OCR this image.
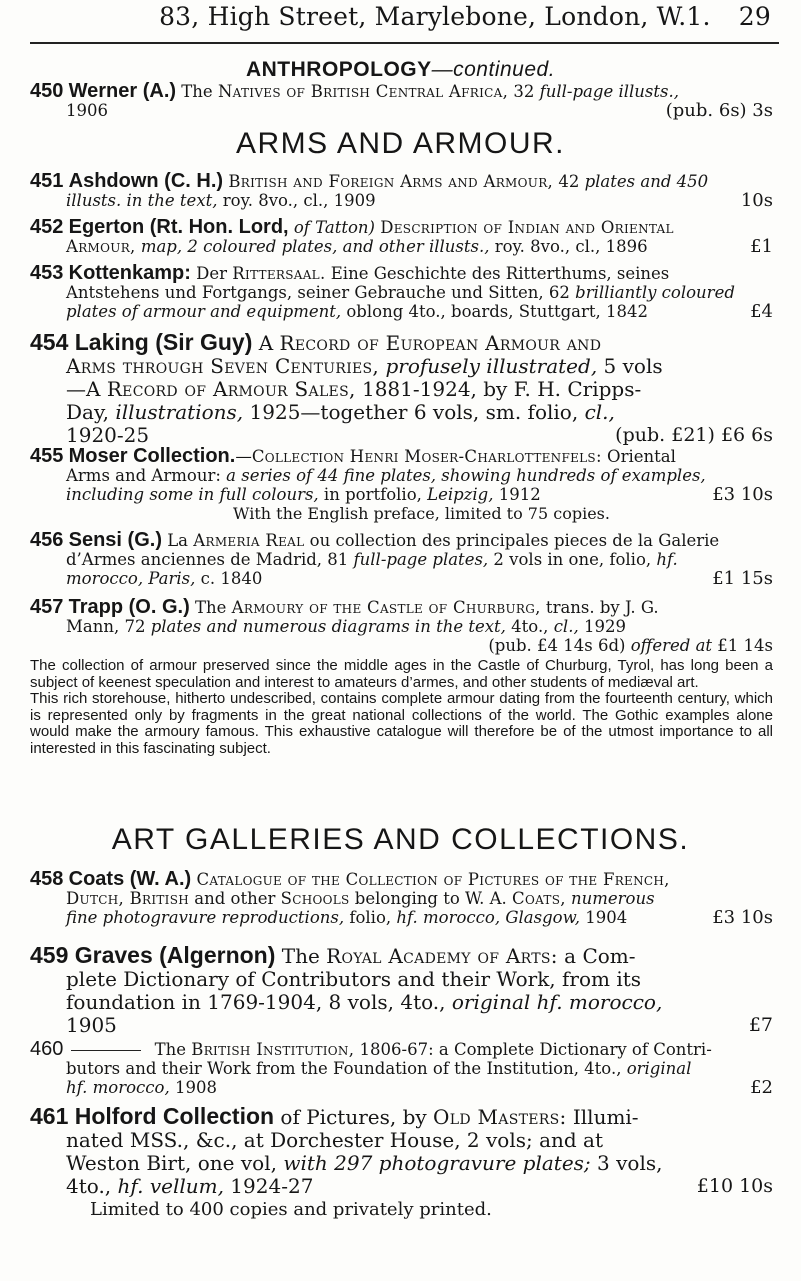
83, High Street, Marylebone, London, W.1. 29
ANTHROPOLOGY—continued.
450 Werner (A.) The Natives of British Central Africa, 32 full-page illusts.,
(pub. 6s) 3s
1906
ARMS AND ARMOUR.
451 Ashdown (C. H.) British and Foreign Arms and Armour, 42 plates and 450
10s
illusts. in the text, roy. 8vo., cl., 1909
452 Egerton (Rt. Hon. Lord, of Tatton) Description of Indian and Oriental
£1
Armour, map, 2 coloured plates, and other illusts., roy. 8vo., cl., 1896
453 Kottenkamp: Der Rittersaal. Eine Geschichte des Ritterthums, seines
Antstehens und Fortgangs, seiner Gebrauche und Sitten, 62 brilliantly coloured
£4
plates of armour and equipment, oblong 4to., boards, Stuttgart, 1842
454 Laking (Sir Guy) A Record of European Armour and
Arms through Seven Centuries, profusely illustrated, 5 vols
—A Record of Armour Sales, 1881-1924, by F. H. Cripps-
Day, illustrations, 1925—together 6 vols, sm. folio, cl.,
(pub. £21) £6 6s
1920-25
455 Moser Collection.—Collection Henri Moser-Charlottenfels: Oriental
Arms and Armour: a series of 44 fine plates, showing hundreds of examples,
£3 10s
including some in full colours, in portfolio, Leipzig, 1912
With the English preface, limited to 75 copies.
456 Sensi (G.) La Armeria Real ou collection des principales pieces de la Galerie
d’Armes anciennes de Madrid, 81 full-page plates, 2 vols in one, folio, hf.
£1 15s
morocco, Paris, c. 1840
457 Trapp (O. G.) The Armoury of the Castle of Churburg, trans. by J. G.
Mann, 72 plates and numerous diagrams in the text, 4to., cl., 1929
(pub. £4 14s 6d) offered at £1 14s

The collection of armour preserved since the middle ages in the Castle of Churburg, Tyrol, has long been a subject of keenest speculation and interest to amateurs d’armes, and other students of mediæval art.

This rich storehouse, hitherto undescribed, contains complete armour dating from the fourteenth century, which is represented only by fragments in the great national collections of the world. The Gothic examples alone would make the armoury famous. This exhaustive catalogue will therefore be of the utmost importance to all interested in this fascinating subject.

ART GALLERIES AND COLLECTIONS.
458 Coats (W. A.) Catalogue of the Collection of Pictures of the French,
Dutch, British and other Schools belonging to W. A. Coats, numerous
£3 10s
fine photogravure reproductions, folio, hf. morocco, Glasgow, 1904
459 Graves (Algernon) The Royal Academy of Arts: a Com-
plete Dictionary of Contributors and their Work, from its
foundation in 1769-1904, 8 vols, 4to., original hf. morocco,
£7
1905
460	The British Institution, 1806-67: a Complete Dictionary of Contri-
butors and their Work from the Foundation of the Institution, 4to., original
£2
hf. morocco, 1908
461 Holford Collection of Pictures, by Old Masters: Illumi-
nated MSS., &c., at Dorchester House, 2 vols; and at
Weston Birt, one vol, with 297 photogravure plates; 3 vols,
£10 10s
4to., hf. vellum, 1924-27
Limited to 400 copies and privately printed.
